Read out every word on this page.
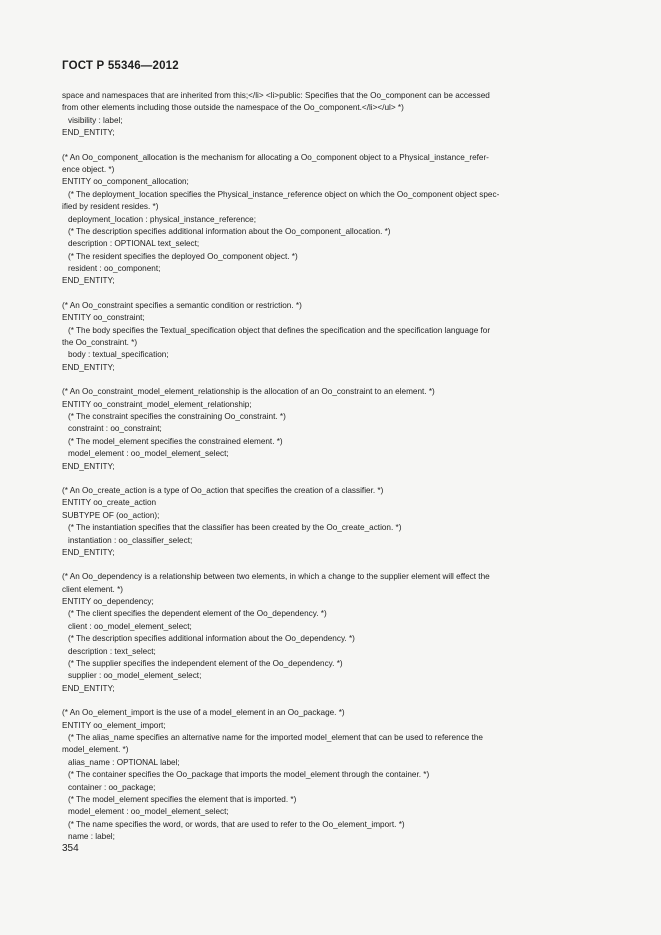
ГОСТ Р 55346—2012
space and namespaces that are inherited from this;</li> <li>public: Specifies that the Oo_component can be accessed
from other elements including those outside the namespace of the Oo_component.</li></ul> *)
visibility : label;
END_ENTITY;
(* An Oo_component_allocation is the mechanism for allocating a Oo_component object to a Physical_instance_refer-
ence object. *)
ENTITY oo_component_allocation;
(* The deployment_location specifies the Physical_instance_reference object on which the Oo_component object spec-
ified by resident resides. *)
deployment_location : physical_instance_reference;
(* The description specifies additional information about the Oo_component_allocation. *)
description : OPTIONAL text_select;
(* The resident specifies the deployed Oo_component object. *)
resident : oo_component;
END_ENTITY;
(* An Oo_constraint specifies a semantic condition or restriction. *)
ENTITY oo_constraint;
(* The body specifies the Textual_specification object that defines the specification and the specification language for
the Oo_constraint. *)
body : textual_specification;
END_ENTITY;
(* An Oo_constraint_model_element_relationship is the allocation of an Oo_constraint to an element. *)
ENTITY oo_constraint_model_element_relationship;
(* The constraint specifies the constraining Oo_constraint. *)
constraint : oo_constraint;
(* The model_element specifies the constrained element. *)
model_element : oo_model_element_select;
END_ENTITY;
(* An Oo_create_action is a type of Oo_action that specifies the creation of a classifier. *)
ENTITY oo_create_action
SUBTYPE OF (oo_action);
(* The instantiation specifies that the classifier has been created by the Oo_create_action. *)
instantiation : oo_classifier_select;
END_ENTITY;
(* An Oo_dependency is a relationship between two elements, in which a change to the supplier element will effect the
client element. *)
ENTITY oo_dependency;
(* The client specifies the dependent element of the Oo_dependency. *)
client : oo_model_element_select;
(* The description specifies additional information about the Oo_dependency. *)
description : text_select;
(* The supplier specifies the independent element of the Oo_dependency. *)
supplier : oo_model_element_select;
END_ENTITY;
(* An Oo_element_import is the use of a model_element in an Oo_package. *)
ENTITY oo_element_import;
(* The alias_name specifies an alternative name for the imported model_element that can be used to reference the
model_element. *)
alias_name : OPTIONAL label;
(* The container specifies the Oo_package that imports the model_element through the container. *)
container : oo_package;
(* The model_element specifies the element that is imported. *)
model_element : oo_model_element_select;
(* The name specifies the word, or words, that are used to refer to the Oo_element_import. *)
name : label;
354
